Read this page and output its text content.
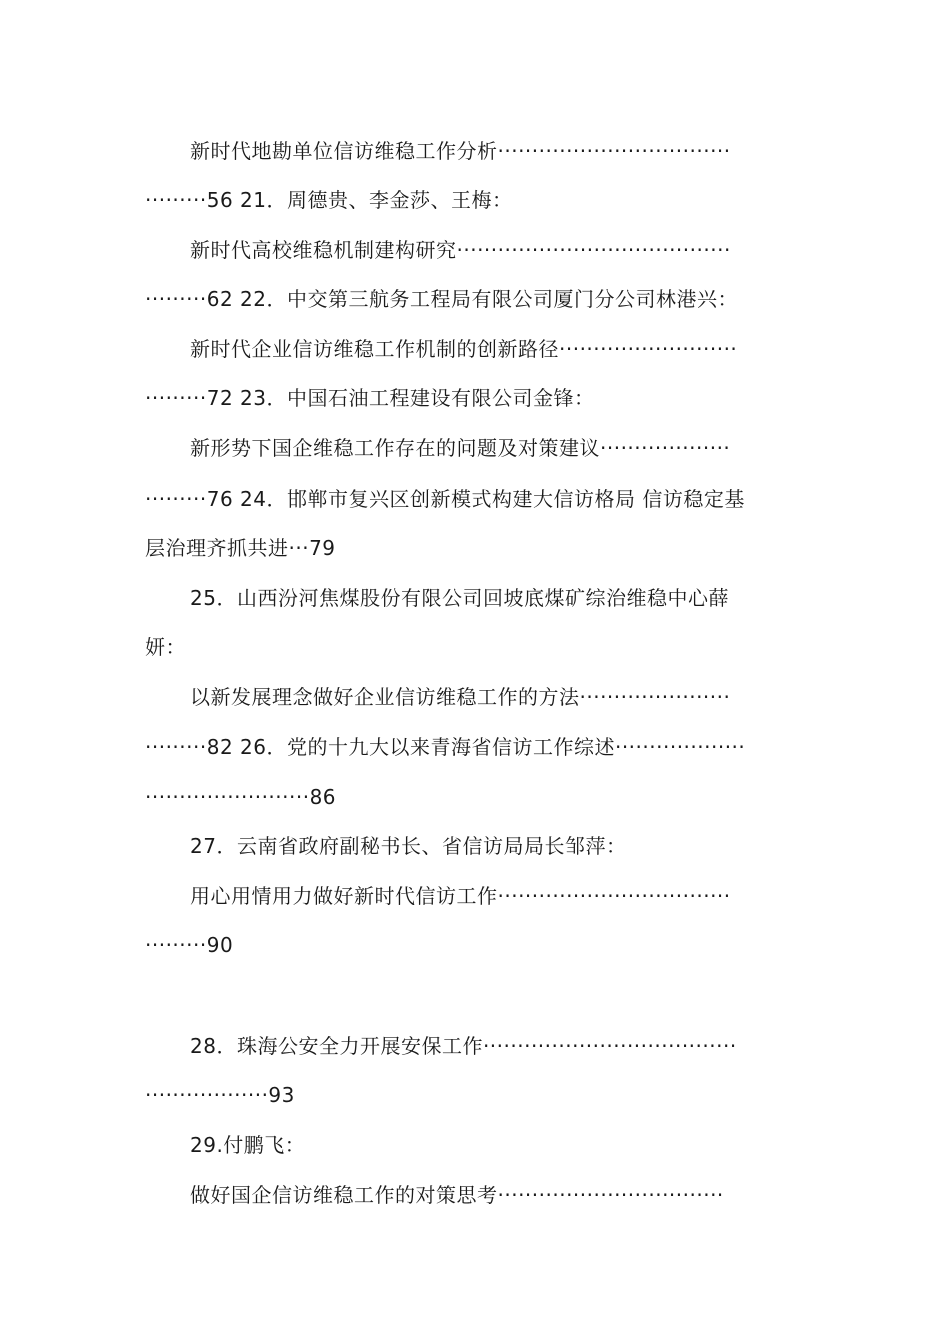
新时代地勘单位信访维稳工作分析··································
·········56 21．周德贵、李金莎、王梅：
新时代高校维稳机制建构研究········································
·········62 22．中交第三航务工程局有限公司厦门分公司林港兴：
新时代企业信访维稳工作机制的创新路径··························
·········72 23．中国石油工程建设有限公司金锋：
新形势下国企维稳工作存在的问题及对策建议···················
·········76 24．邯郸市复兴区创新模式构建大信访格局 信访稳定基
层治理齐抓共进···79
25．山西汾河焦煤股份有限公司回坡底煤矿综治维稳中心薛
妍：
以新发展理念做好企业信访维稳工作的方法······················
·········82 26．党的十九大以来青海省信访工作综述···················
························86
27．云南省政府副秘书长、省信访局局长邹萍：
用心用情用力做好新时代信访工作··································
·········90
28．珠海公安全力开展安保工作·····································
··················93
29.付鹏飞：
做好国企信访维稳工作的对策思考·································
